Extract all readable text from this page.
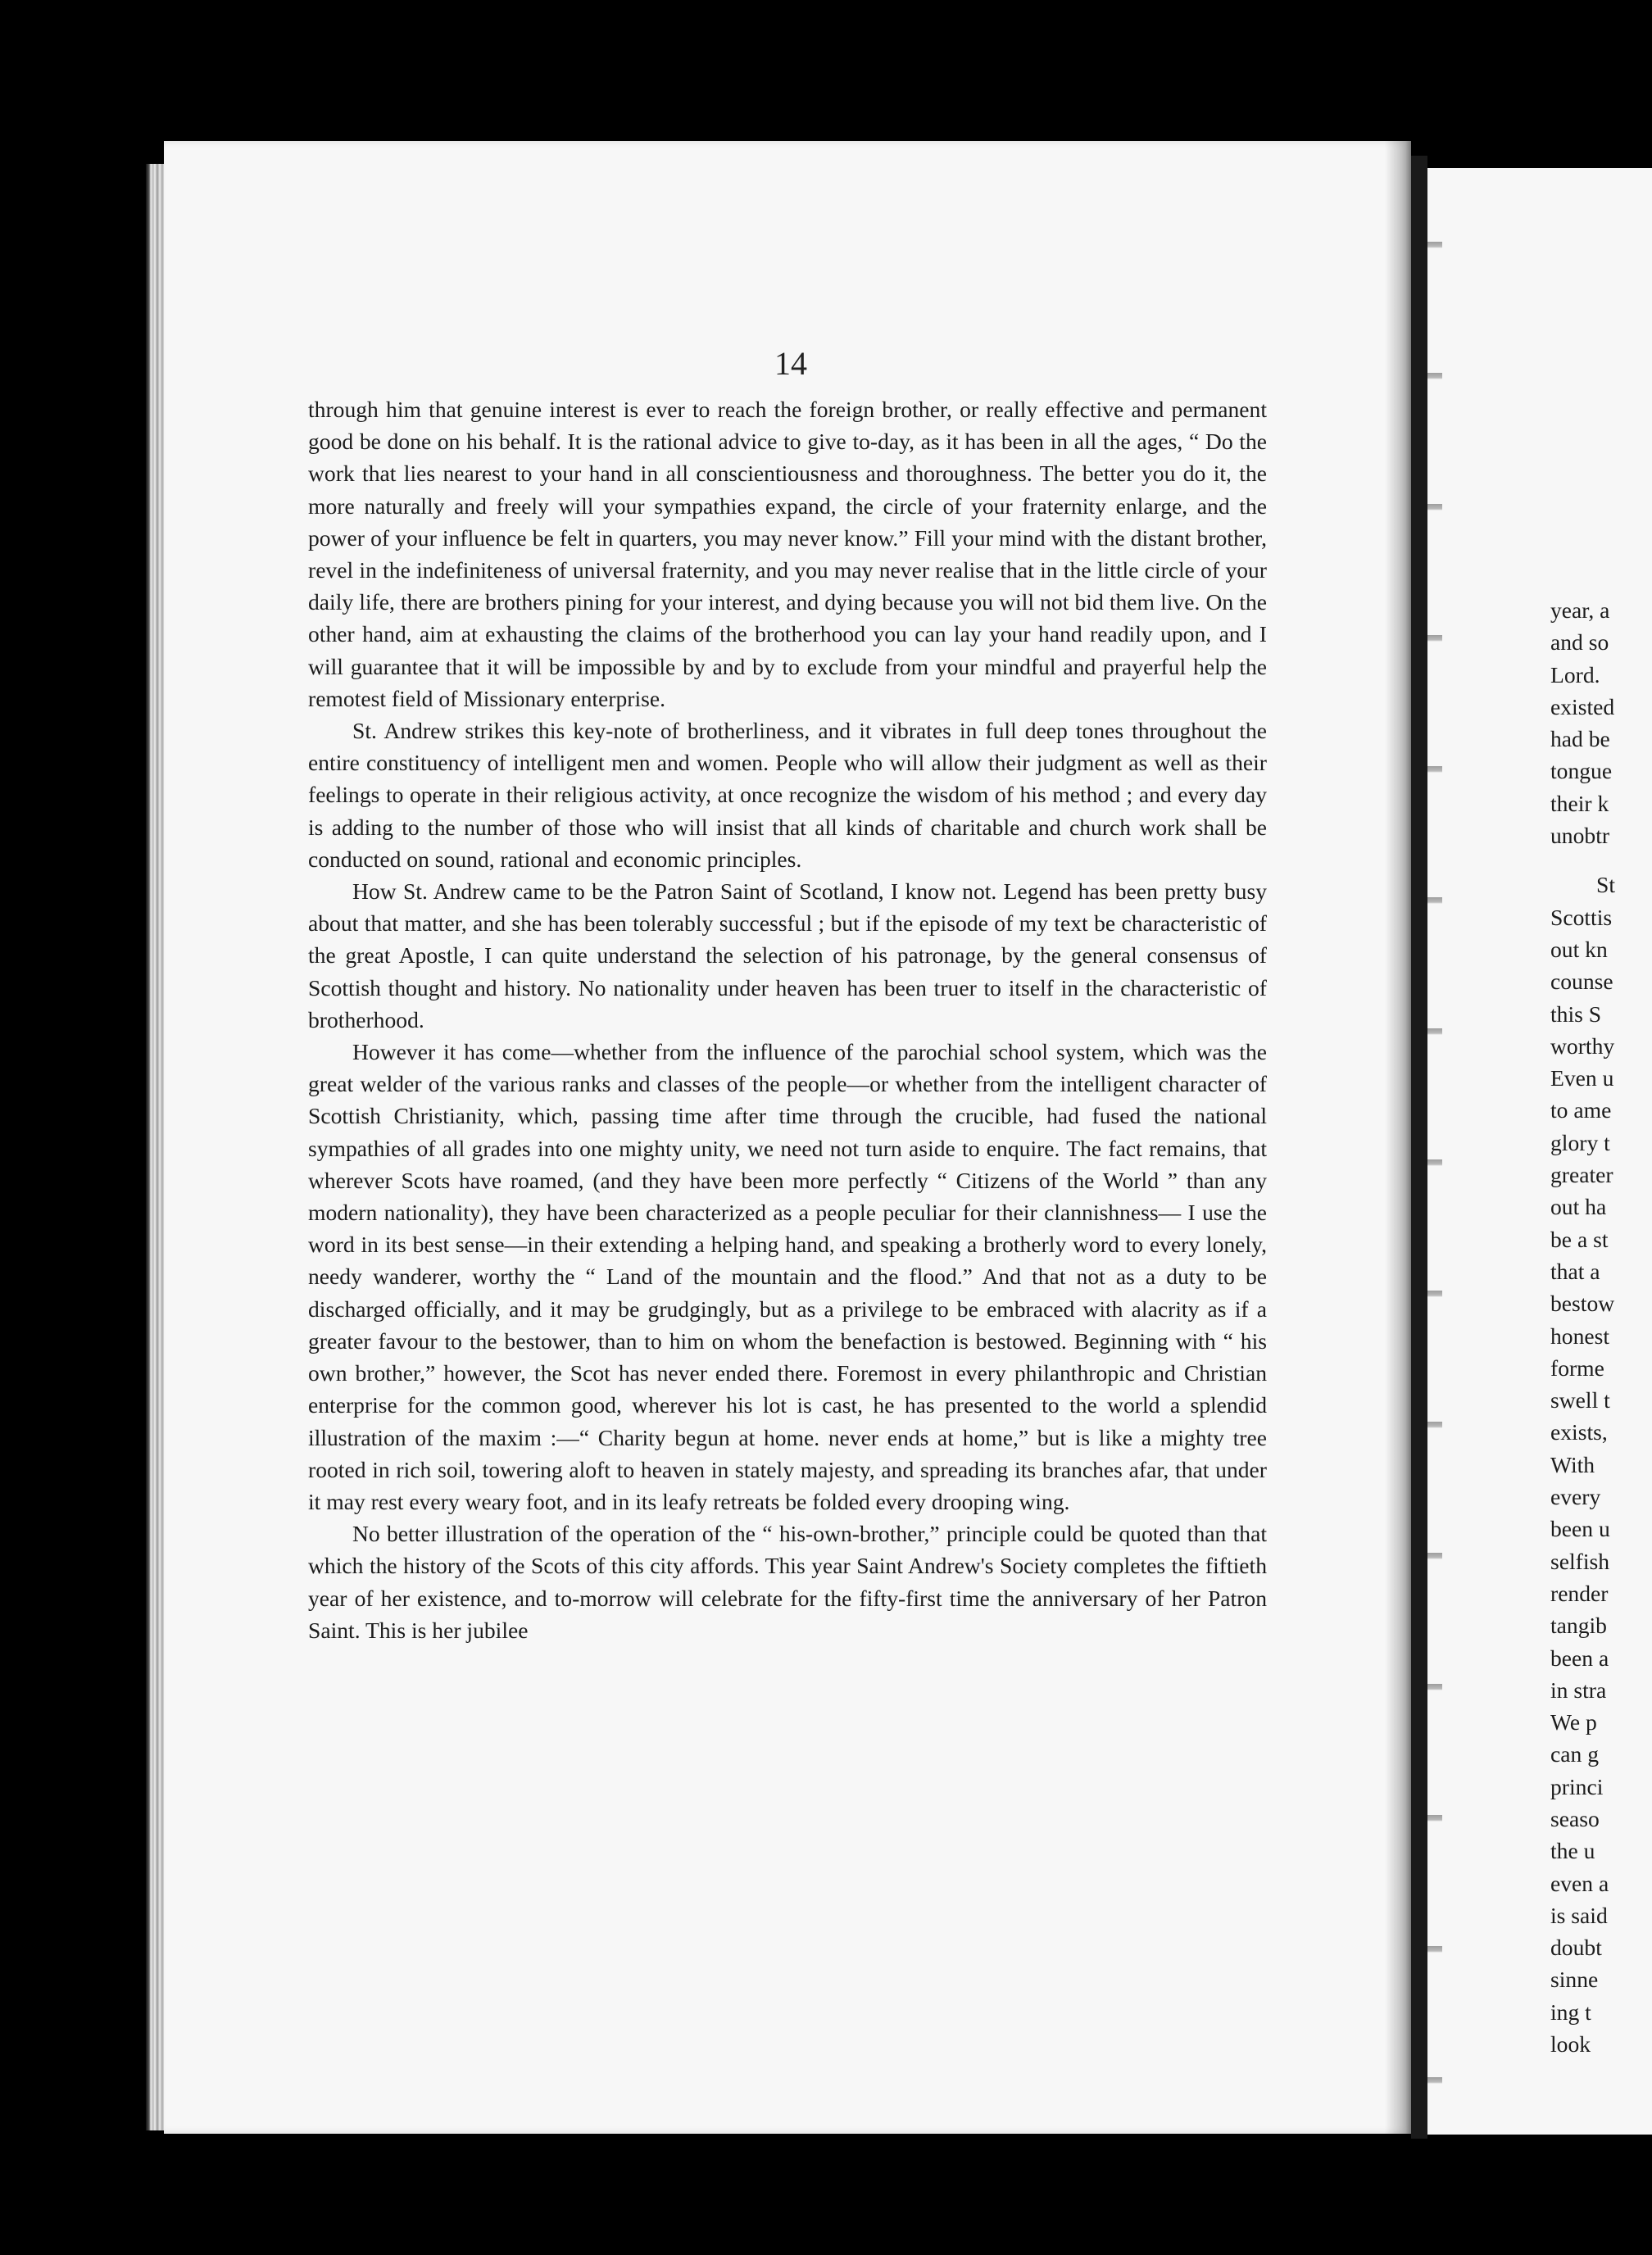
14

through him that genuine interest is ever to reach the foreign brother, or really effective and permanent good be done on his behalf. It is the rational advice to give to-day, as it has been in all the ages, “ Do the work that lies nearest to your hand in all conscientiousness and thoroughness. The better you do it, the more naturally and freely will your sympathies expand, the circle of your fraternity enlarge, and the power of your influence be felt in quarters, you may never know.” Fill your mind with the distant brother, revel in the indefiniteness of universal fraternity, and you may never realise that in the little circle of your daily life, there are brothers pining for your interest, and dying because you will not bid them live. On the other hand, aim at exhausting the claims of the brotherhood you can lay your hand readily upon, and I will guarantee that it will be impossible by and by to exclude from your mindful and prayerful help the remotest field of Missionary enterprise.

St. Andrew strikes this key-note of brotherliness, and it vibrates in full deep tones throughout the entire constituency of intelligent men and women. People who will allow their judgment as well as their feelings to operate in their religious activity, at once recognize the wisdom of his method ; and every day is adding to the number of those who will insist that all kinds of charitable and church work shall be conducted on sound, rational and economic principles.

How St. Andrew came to be the Patron Saint of Scotland, I know not. Legend has been pretty busy about that matter, and she has been tolerably successful ; but if the episode of my text be characteristic of the great Apostle, I can quite understand the selection of his patronage, by the general consensus of Scottish thought and history. No nationality under heaven has been truer to itself in the characteristic of brotherhood.

However it has come—whether from the influence of the parochial school system, which was the great welder of the various ranks and classes of the people—or whether from the intelligent character of Scottish Christianity, which, passing time after time through the crucible, had fused the national sympathies of all grades into one mighty unity, we need not turn aside to enquire. The fact remains, that wherever Scots have roamed, (and they have been more perfectly “ Citizens of the World ” than any modern nationality), they have been characterized as a people peculiar for their clannishness— I use the word in its best sense—in their extending a helping hand, and speaking a brotherly word to every lonely, needy wanderer, worthy the “ Land of the mountain and the flood.” And that not as a duty to be discharged officially, and it may be grudgingly, but as a privilege to be embraced with alacrity as if a greater favour to the bestower, than to him on whom the benefaction is bestowed. Beginning with “ his own brother,” however, the Scot has never ended there. Foremost in every philanthropic and Christian enterprise for the common good, wherever his lot is cast, he has presented to the world a splendid illustration of the maxim :—“ Charity begun at home. never ends at home,” but is like a mighty tree rooted in rich soil, towering aloft to heaven in stately majesty, and spreading its branches afar, that under it may rest every weary foot, and in its leafy retreats be folded every drooping wing.

No better illustration of the operation of the “ his-own-brother,” principle could be quoted than that which the history of the Scots of this city affords. This year Saint Andrew's Society completes the fiftieth year of her existence, and to-morrow will celebrate for the fifty-first time the anniversary of her Patron Saint. This is her jubilee

year, a
and so
Lord.
existed
had be
tongue
their k
unobtr
St
Scottis
out kn
counse
this S
worthy
Even u
to ame
glory t
greater
out ha
be a st
that a
bestow
honest
forme
swell t
exists,
With
every
been u
selfish
render
tangib
been a
in stra
We p
can g
princi
seaso
the u
even a
is said
doubt
sinne
ing t
look
